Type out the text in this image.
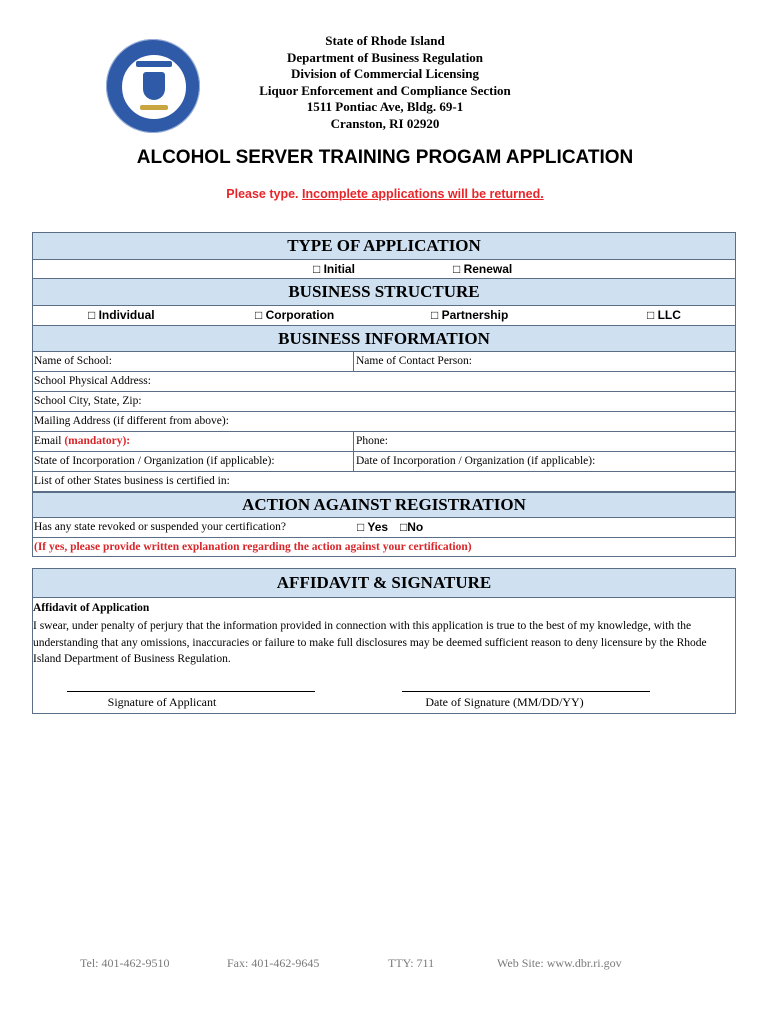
State of Rhode Island
Department of Business Regulation
Division of Commercial Licensing
Liquor Enforcement and Compliance Section
1511 Pontiac Ave, Bldg. 69-1
Cranston, RI 02920
ALCOHOL SERVER TRAINING PROGAM APPLICATION
Please type. Incomplete applications will be returned.
TYPE OF APPLICATION
□ Initial	□ Renewal
BUSINESS STRUCTURE
□ Individual	□ Corporation	□ Partnership	□ LLC
BUSINESS INFORMATION
Name of School:	Name of Contact Person:
School Physical Address:
School City, State, Zip:
Mailing Address (if different from above):
Email (mandatory):	Phone:
State of Incorporation / Organization (if applicable):	Date of Incorporation / Organization (if applicable):
List of other States business is certified in:
ACTION AGAINST REGISTRATION
Has any state revoked or suspended your certification?	□ Yes □No
(If yes, please provide written explanation regarding the action against your certification)
AFFIDAVIT & SIGNATURE
Affidavit of Application
I swear, under penalty of perjury that the information provided in connection with this application is true to the best of my knowledge, with the understanding that any omissions, inaccuracies or failure to make full disclosures may be deemed sufficient reason to deny licensure by the Rhode Island Department of Business Regulation.
Signature of Applicant	Date of Signature (MM/DD/YY)
Tel: 401-462-9510	Fax: 401-462-9645	TTY: 711	Web Site: www.dbr.ri.gov
